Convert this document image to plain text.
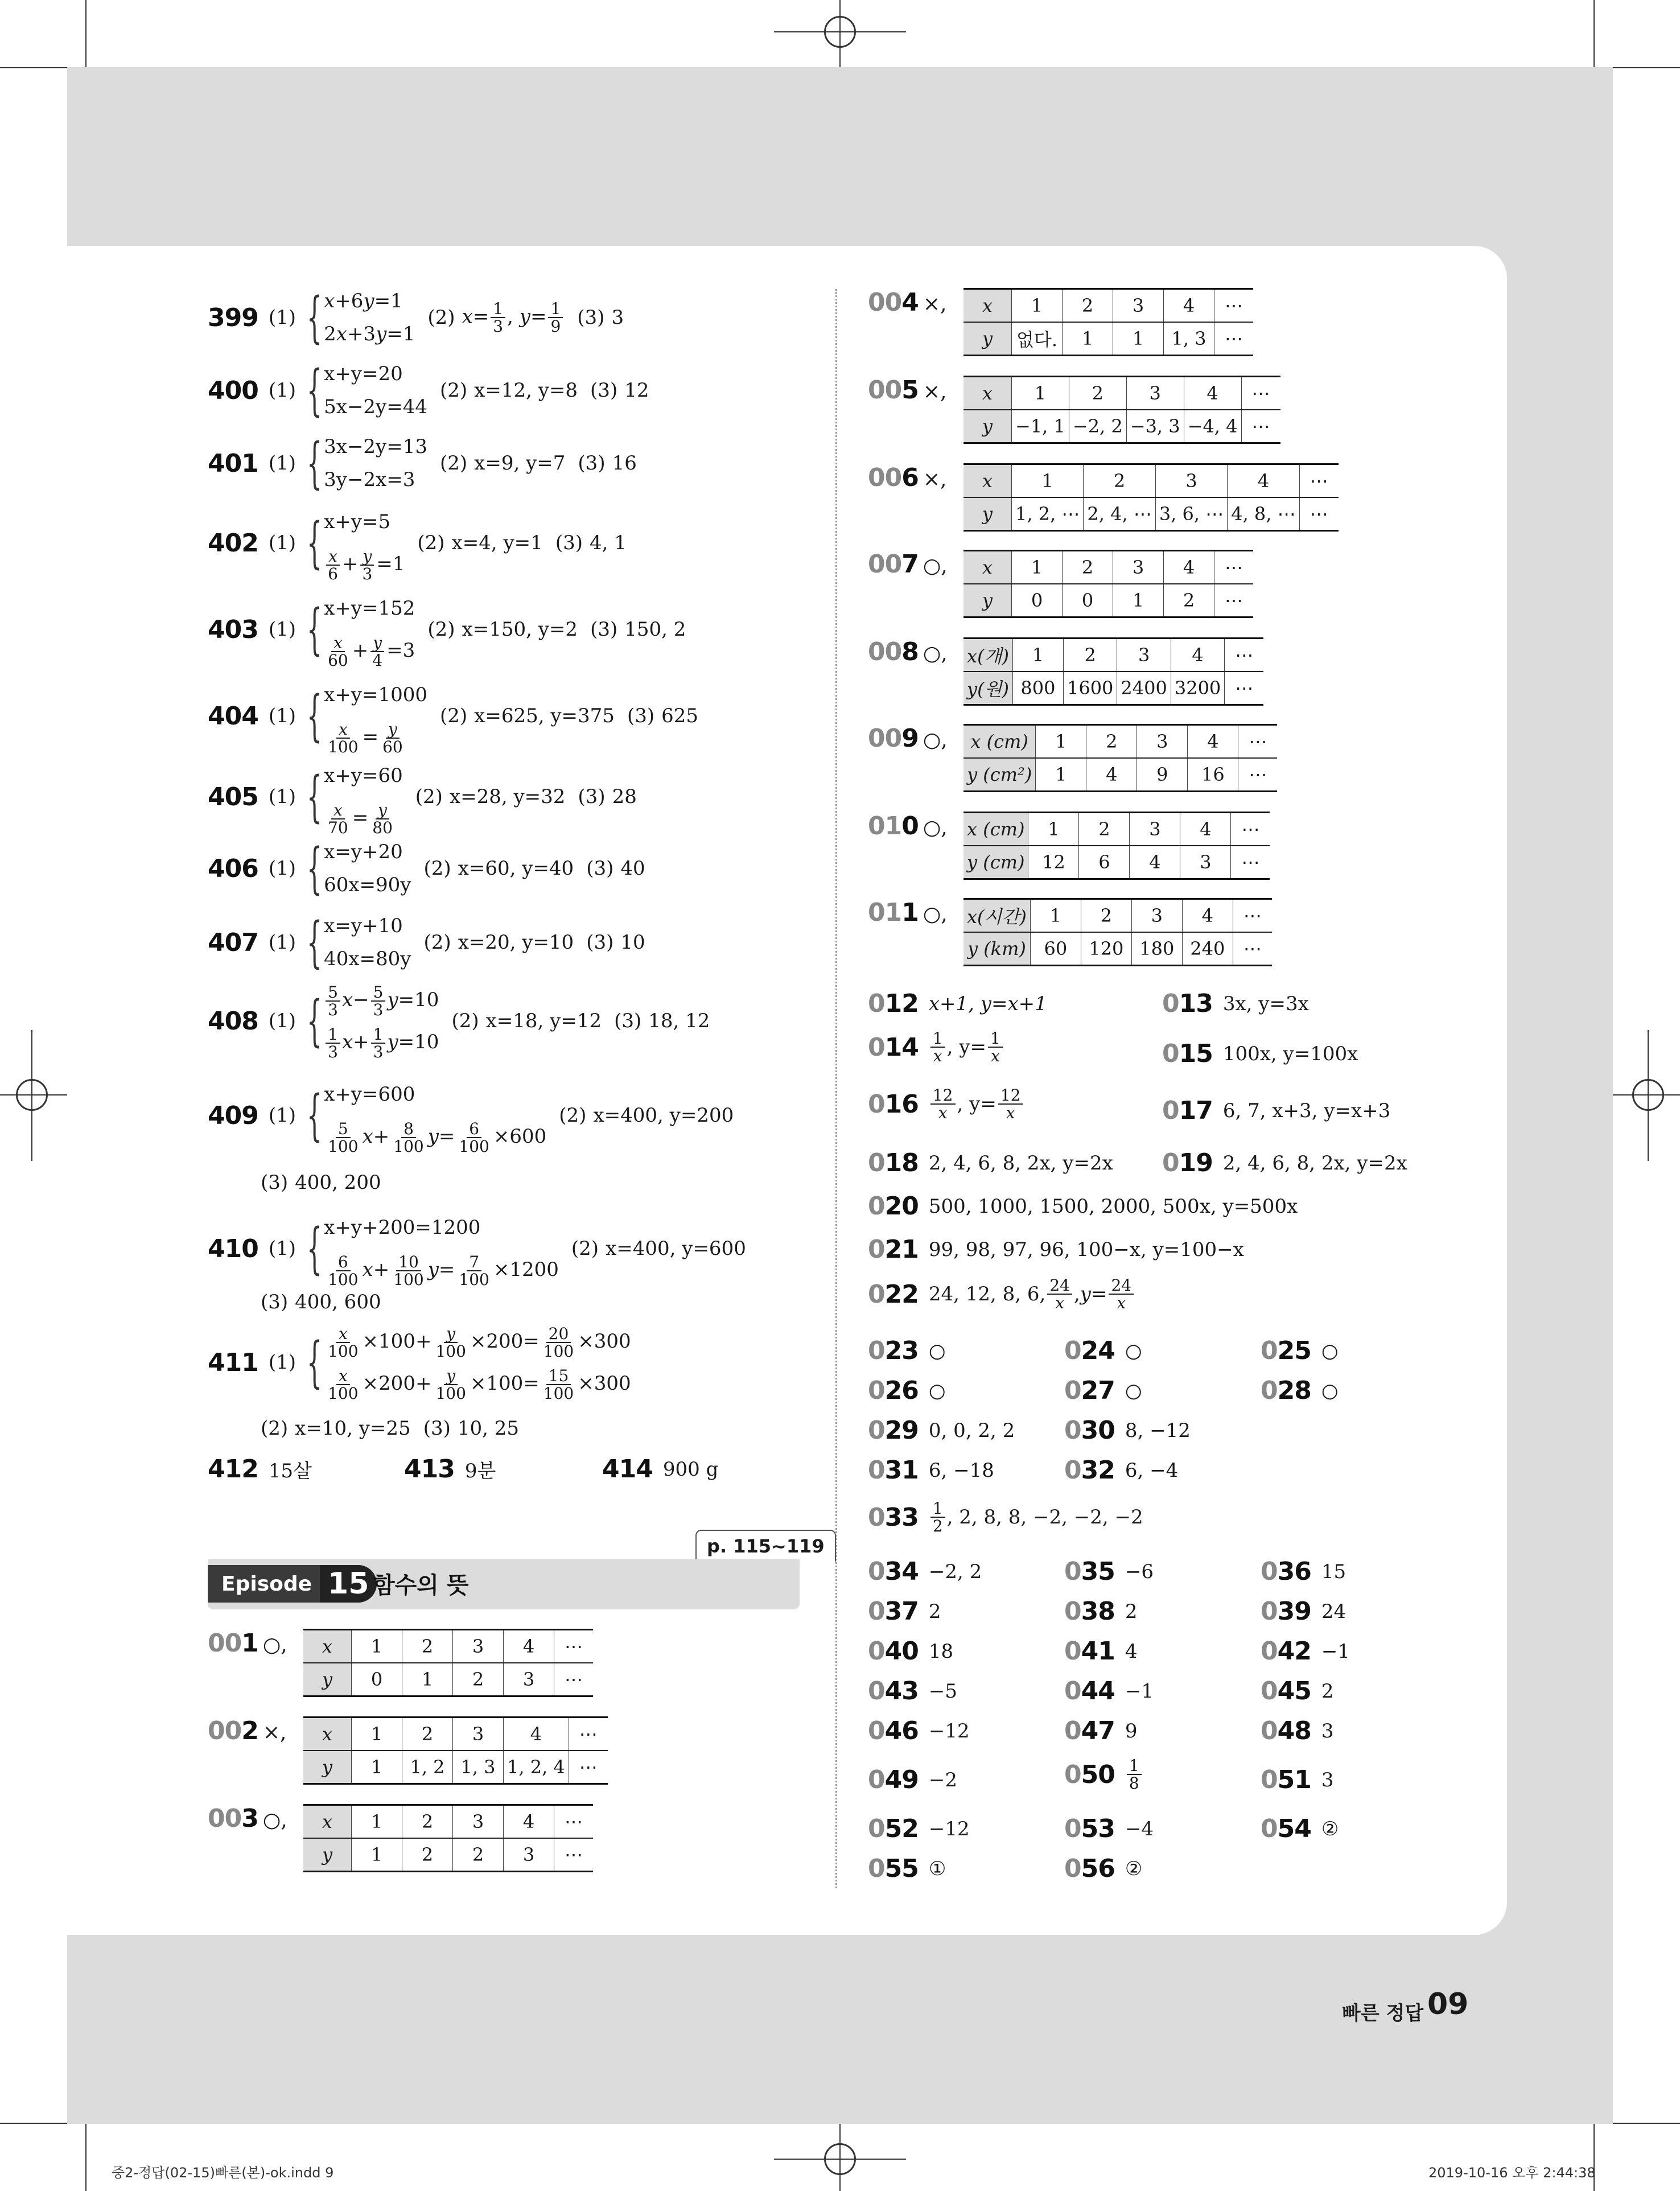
399 (1) { x+6y=1
2x+3y=1
(2) $x= \frac{1}{3}$ , $y= \frac{1}{9} (3)$ 3
400 (1) { x+y=20
5x−2y=44
(2) x=12, y=8 (3) 12
401 (1) { 3x−2y=13
3y−2x=3
(2) x=9, y=7 (3) 16
402 (1) { x+y=5
$\frac{x}{6} + \frac{y}{3} =1$
(2) x=4, y=1 (3) 4, 1
403 (1) { x+y=152
$\frac{x}{60} + \frac{y}{4} =3$
(2) x=150, y=2 (3) 150, 2
404 (1) { x+y=1000
$\frac{x}{100} = \frac{y}{60}$
(2) x=625, y=375 (3) 625
405 (1) { x+y=60
$\frac{x}{70} = \frac{y}{80}$
(2) x=28, y=32 (3) 28
406 (1) { x=y+20
60x=90y
(2) x=60, y=40 (3) 40
407 (1) { x=y+10
40x=80y
(2) x=20, y=10 (3) 10
408 (1) { $\frac{5}{3} x- \frac{5}{3} y=10$
$\frac{1}{3} x+ \frac{1}{3} y=10$
(2) x=18, y=12 (3) 18, 12
409 (1) { x+y=600
$\frac{5}{100} x+ \frac{8}{100} y= \frac{6}{100} \times 600$
(2) x=400, y=200
(3) 400, 200
410 (1) { x+y+200=1200
$\frac{6}{100} x+ \frac{10}{100} y= \frac{7}{100} \times 1200$
(2) x=400, y=600
(3) 400, 600
411 (1) { $\frac{x}{100} \times 100+ \frac{y}{100} \times 200= \frac{20}{100} \times 300$
$\frac{x}{100} \times 200+ \frac{y}{100} \times 100= \frac{15}{100} \times 300$
(2) x=10, y=25 (3) 10, 25
412 15살	413 9분	414 900 g
p. 115~119
Episode 15 함수의 뜻
001 ○, x	1	2	3	4	⋯
y	0	1	2	3	⋯
002 ×, x	1	2	3	4	⋯
y	1	1, 2	1, 3	1, 2, 4	⋯
003 ○, x	1	2	3	4	⋯
y	1	2	2	3	⋯
004 ×, x	1	2	3	4	⋯
y	없다.	1	1	1, 3	⋯
005 ×, x	1	2	3	4	⋯
y	−1, 1	−2, 2	−3, 3	−4, 4	⋯
006 ×, x	1	2	3	4	⋯
y	1, 2, ⋯	2, 4, ⋯	3, 6, ⋯	4, 8, ⋯	⋯
007 ○, x	1	2	3	4	⋯
y	0	0	1	2	⋯
008 ○, x(개)	1	2	3	4	⋯
y(원)	800	1600	2400	3200	⋯
009 ○, x (cm)	1	2	3	4	⋯
y (cm²)	1	4	9	16	⋯
010 ○, x (cm)	1	2	3	4	⋯
y (cm)	12	6	4	3	⋯
011 ○, x(시간)	1	2	3	4	⋯
y (km)	60	120	180	240	⋯
012 x+1, y=x+1	013 3x, y=3x
$014 \frac{1}{x}$ , $y= \frac{1}{x}$	015 100x, y=100x
$016 \frac{12}{x}$ , $y= \frac{12}{x}$	017 6, 7, x+3, y=x+3
018 2, 4, 6, 8, 2x, y=2x 019 2, 4, 6, 8, 2x, y=2x
020 500, 1000, 1500, 2000, 500x, y=500x
021 99, 98, 97, 96, 100−x, y=100−x
022 24, 12, 8, 6, $\frac{24}{x}$ , $y = \frac{24}{x}$
023 ○	024 ○	025 ○
026 ○	027 ○	028 ○
029 0, 0, 2, 2 030 8, −12
031 6, −18	032 6, −4
$033 \frac{1}{2}$ , 2, 8, 8, −2, −2, −2
034 −2, 2	035 −6	036 15
037 2	038 2	039 24
040 18	041 4	042 −1
043 −5	044 −1	045 2
046 −12	047 9	048 3
049 −2	$050 \frac{1}{8}$	051 3
052 −12	053 −4	054 ②
055 ①	056 ②
빠른 정답 09
중2-정답(02-15)빠른(본)-ok.indd 9	2019-10-16 오후 2:44:38
